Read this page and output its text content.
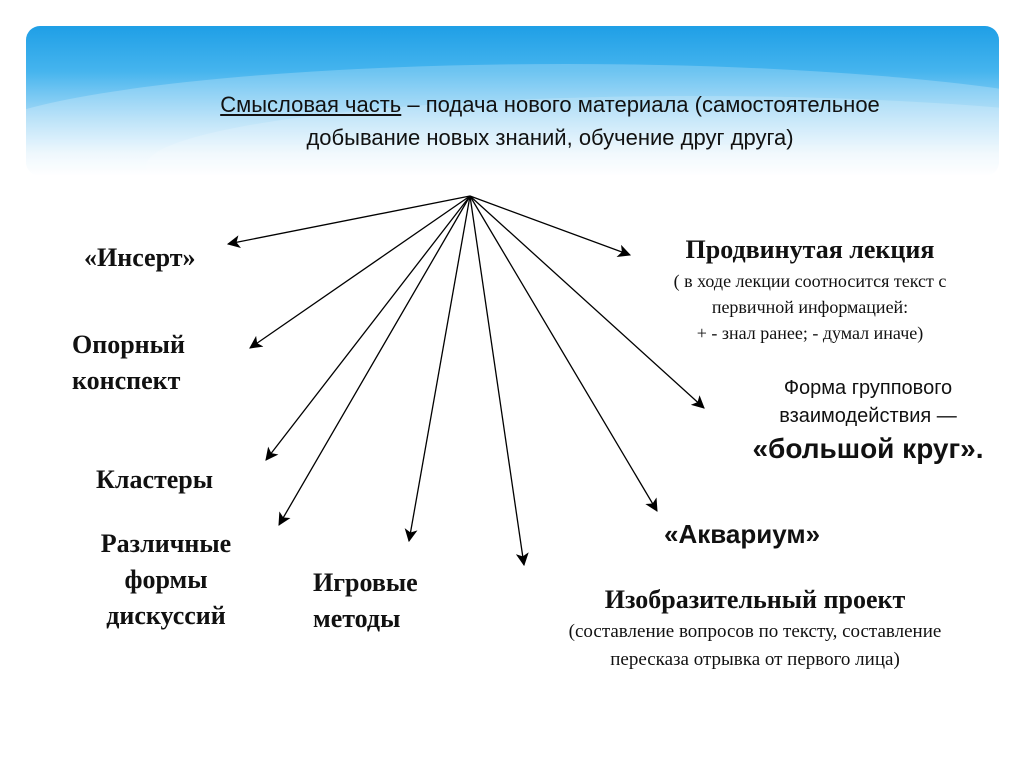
Смысловая часть – подача нового материала (самостоятельное
добывание новых знаний, обучение друг друга)
«Инсерт»
Опорный
конспект
Кластеры
Различные
формы
дискуссий
Игровые
методы
Изобразительный проект
(составление вопросов по тексту, составление
пересказа отрывка от первого лица)
«Аквариум»
Форма группового
взаимодействия —
«большой круг».
Продвинутая лекция
( в ходе лекции соотносится текст с
первичной информацией:
+ - знал ранее; - думал иначе)
